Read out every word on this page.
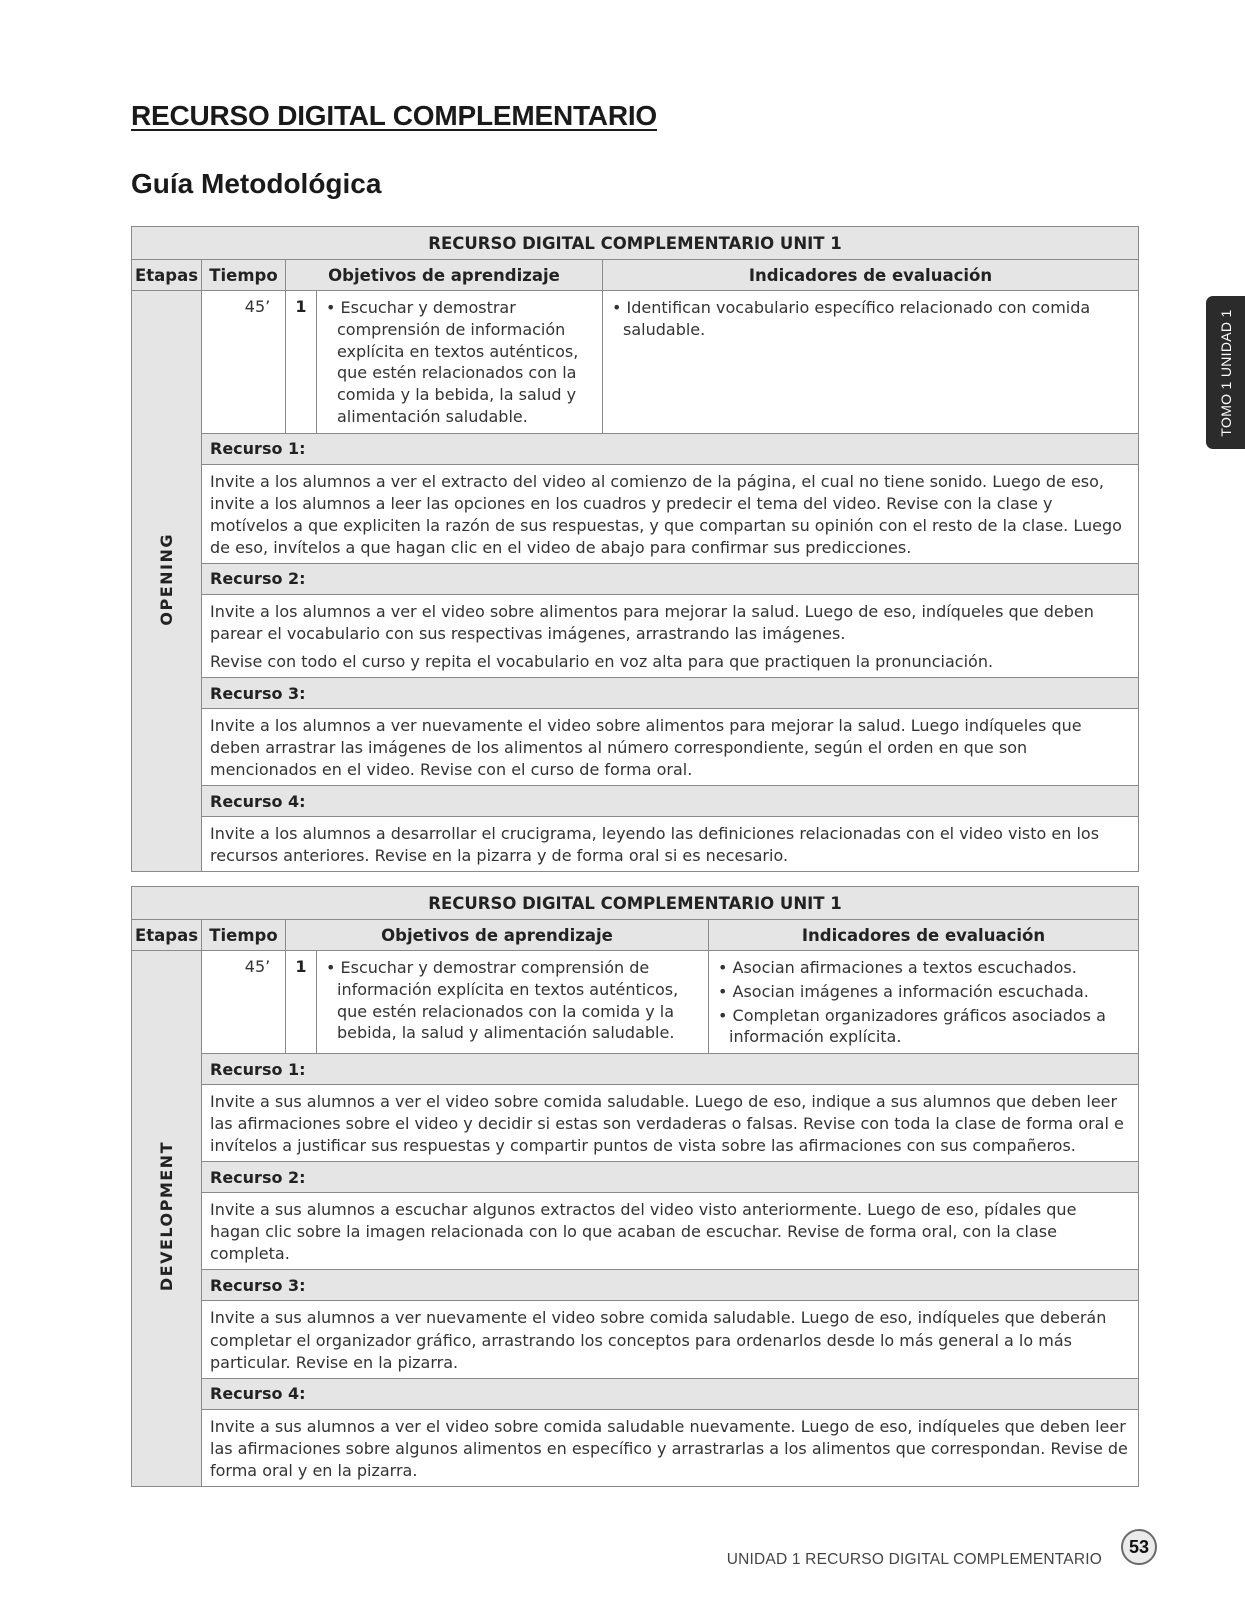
RECURSO DIGITAL COMPLEMENTARIO
Guía Metodológica
TOMO 1 UNIDAD 1
RECURSO DIGITAL COMPLEMENTARIO UNIT 1				
Etapas	Tiempo	Objetivos de aprendizaje		Indicadores de evaluación
OPENING	45’	1	• Escuchar y demostrar comprensión de información explícita en textos auténticos, que estén relacionados con la comida y la bebida, la salud y alimentación saludable.	• Identifican vocabulario específico relacionado con comida saludable.

	Recurso 1:			

	Invite a los alumnos a ver el extracto del video al comienzo de la página, el cual no tiene sonido. Luego de eso, invite a los alumnos a leer las opciones en los cuadros y predecir el tema del video. Revise con la clase y motívelos a que expliciten la razón de sus respuestas, y que compartan su opinión con el resto de la clase. Luego de eso, invítelos a que hagan clic en el video de abajo para confirmar sus predicciones.			

	Recurso 2:			

	Invite a los alumnos a ver el video sobre alimentos para mejorar la salud. Luego de eso, indíqueles que deben parear el vocabulario con sus respectivas imágenes, arrastrando las imágenes.

Revise con todo el curso y repita el vocabulario en voz alta para que practiquen la pronunciación.			

	Recurso 3:			

	Invite a los alumnos a ver nuevamente el video sobre alimentos para mejorar la salud. Luego indíqueles que deben arrastrar las imágenes de los alimentos al número correspondiente, según el orden en que son mencionados en el video. Revise con el curso de forma oral.			

	Recurso 4:			

	Invite a los alumnos a desarrollar el crucigrama, leyendo las definiciones relacionadas con el video visto en los recursos anteriores. Revise en la pizarra y de forma oral si es necesario.			

RECURSO DIGITAL COMPLEMENTARIO UNIT 1				
Etapas	Tiempo	Objetivos de aprendizaje		Indicadores de evaluación
DEVELOPMENT	45’	1	• Escuchar y demostrar comprensión de información explícita en textos auténticos, que estén relacionados con la comida y la bebida, la salud y alimentación saludable.	• Asocian afirmaciones a textos escuchados.
• Asocian imágenes a información escuchada.
• Completan organizadores gráficos asociados a información explícita.

	Recurso 1:			

	Invite a sus alumnos a ver el video sobre comida saludable. Luego de eso, indique a sus alumnos que deben leer las afirmaciones sobre el video y decidir si estas son verdaderas o falsas. Revise con toda la clase de forma oral e invítelos a justificar sus respuestas y compartir puntos de vista sobre las afirmaciones con sus compañeros.			

	Recurso 2:			

	Invite a sus alumnos a escuchar algunos extractos del video visto anteriormente. Luego de eso, pídales que hagan clic sobre la imagen relacionada con lo que acaban de escuchar. Revise de forma oral, con la clase completa.			

	Recurso 3:			

	Invite a sus alumnos a ver nuevamente el video sobre comida saludable. Luego de eso, indíqueles que deberán completar el organizador gráfico, arrastrando los conceptos para ordenarlos desde lo más general a lo más particular. Revise en la pizarra.			

	Recurso 4:			

	Invite a sus alumnos a ver el video sobre comida saludable nuevamente. Luego de eso, indíqueles que deben leer las afirmaciones sobre algunos alimentos en específico y arrastrarlas a los alimentos que correspondan. Revise de forma oral y en la pizarra.			

UNIDAD 1 RECURSO DIGITAL COMPLEMENTARIO
53
